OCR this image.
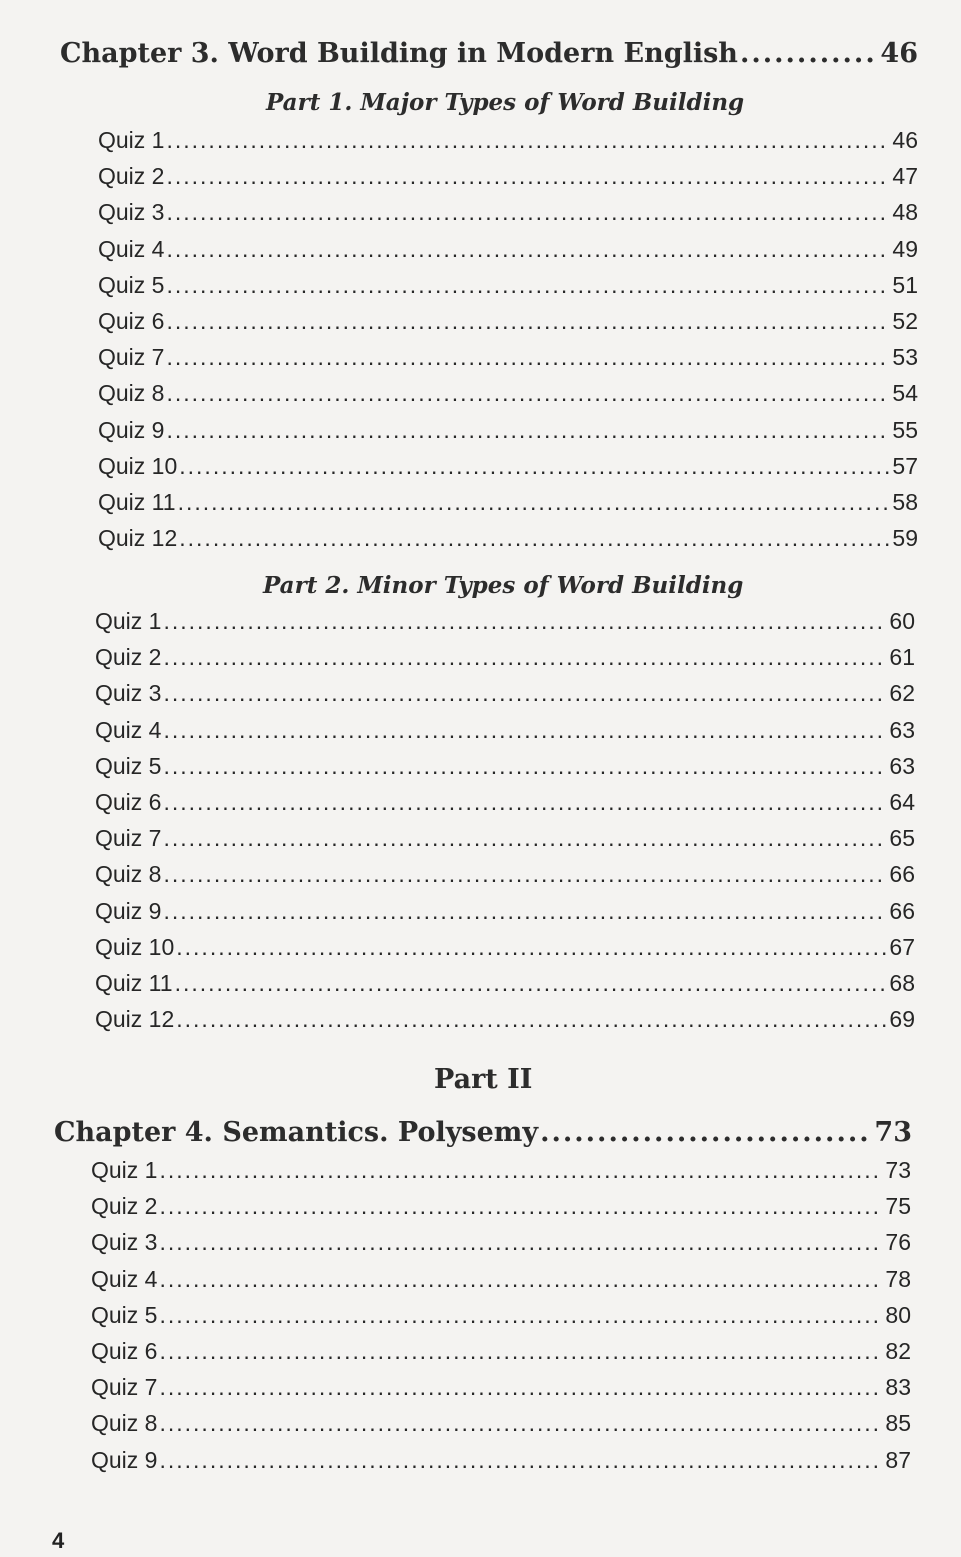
Chapter 3. Word Building in Modern English .....	46
Part 1. Major Types of Word Building
Quiz 1 .....	46
Quiz 2 .....	47
Quiz 3 .....	48
Quiz 4 .....	49
Quiz 5 .....	51
Quiz 6 .....	52
Quiz 7 .....	53
Quiz 8 .....	54
Quiz 9 .....	55
Quiz 10 .....	57
Quiz 11 .....	58
Quiz 12 .....	59
Part 2. Minor Types of Word Building
Quiz 1 .....	60
Quiz 2 .....	61
Quiz 3 .....	62
Quiz 4 .....	63
Quiz 5 .....	63
Quiz 6 .....	64
Quiz 7 .....	65
Quiz 8 .....	66
Quiz 9 .....	66
Quiz 10 .....	67
Quiz 11 .....	68
Quiz 12 .....	69
Part II
Chapter 4. Semantics. Polysemy .....	73
Quiz 1 .....	73
Quiz 2 .....	75
Quiz 3 .....	76
Quiz 4 .....	78
Quiz 5 .....	80
Quiz 6 .....	82
Quiz 7 .....	83
Quiz 8 .....	85
Quiz 9 .....	87
4
